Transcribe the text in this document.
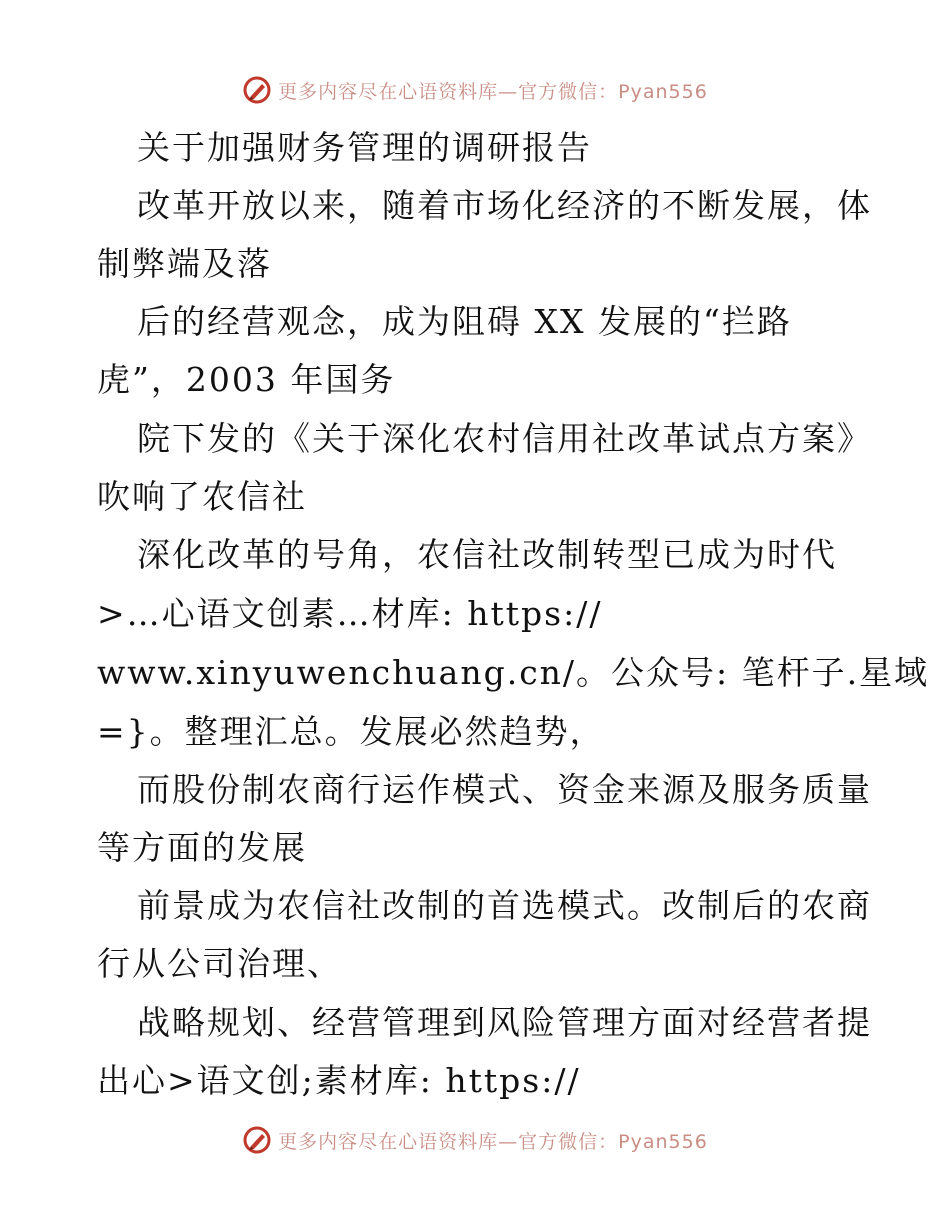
更多内容尽在心语资料库—官方微信：Pyan556
关于加强财务管理的调研报告
改革开放以来，随着市场化经济的不断发展，体
制弊端及落
后的经营观念，成为阻碍 XX 发展的“拦路
虎”，2003 年国务
院下发的《关于深化农村信用社改革试点方案》
吹响了农信社
深化改革的号角，农信社改制转型已成为时代
>…心语文创素…材库: https://
www.xinyuwenchuang.cn/。公众号: 笔杆子.星域
=}。整理汇总。发展必然趋势，
而股份制农商行运作模式、资金来源及服务质量
等方面的发展
前景成为农信社改制的首选模式。改制后的农商
行从公司治理、
战略规划、经营管理到风险管理方面对经营者提
出心>语文创;素材库: https://
更多内容尽在心语资料库—官方微信：Pyan556
